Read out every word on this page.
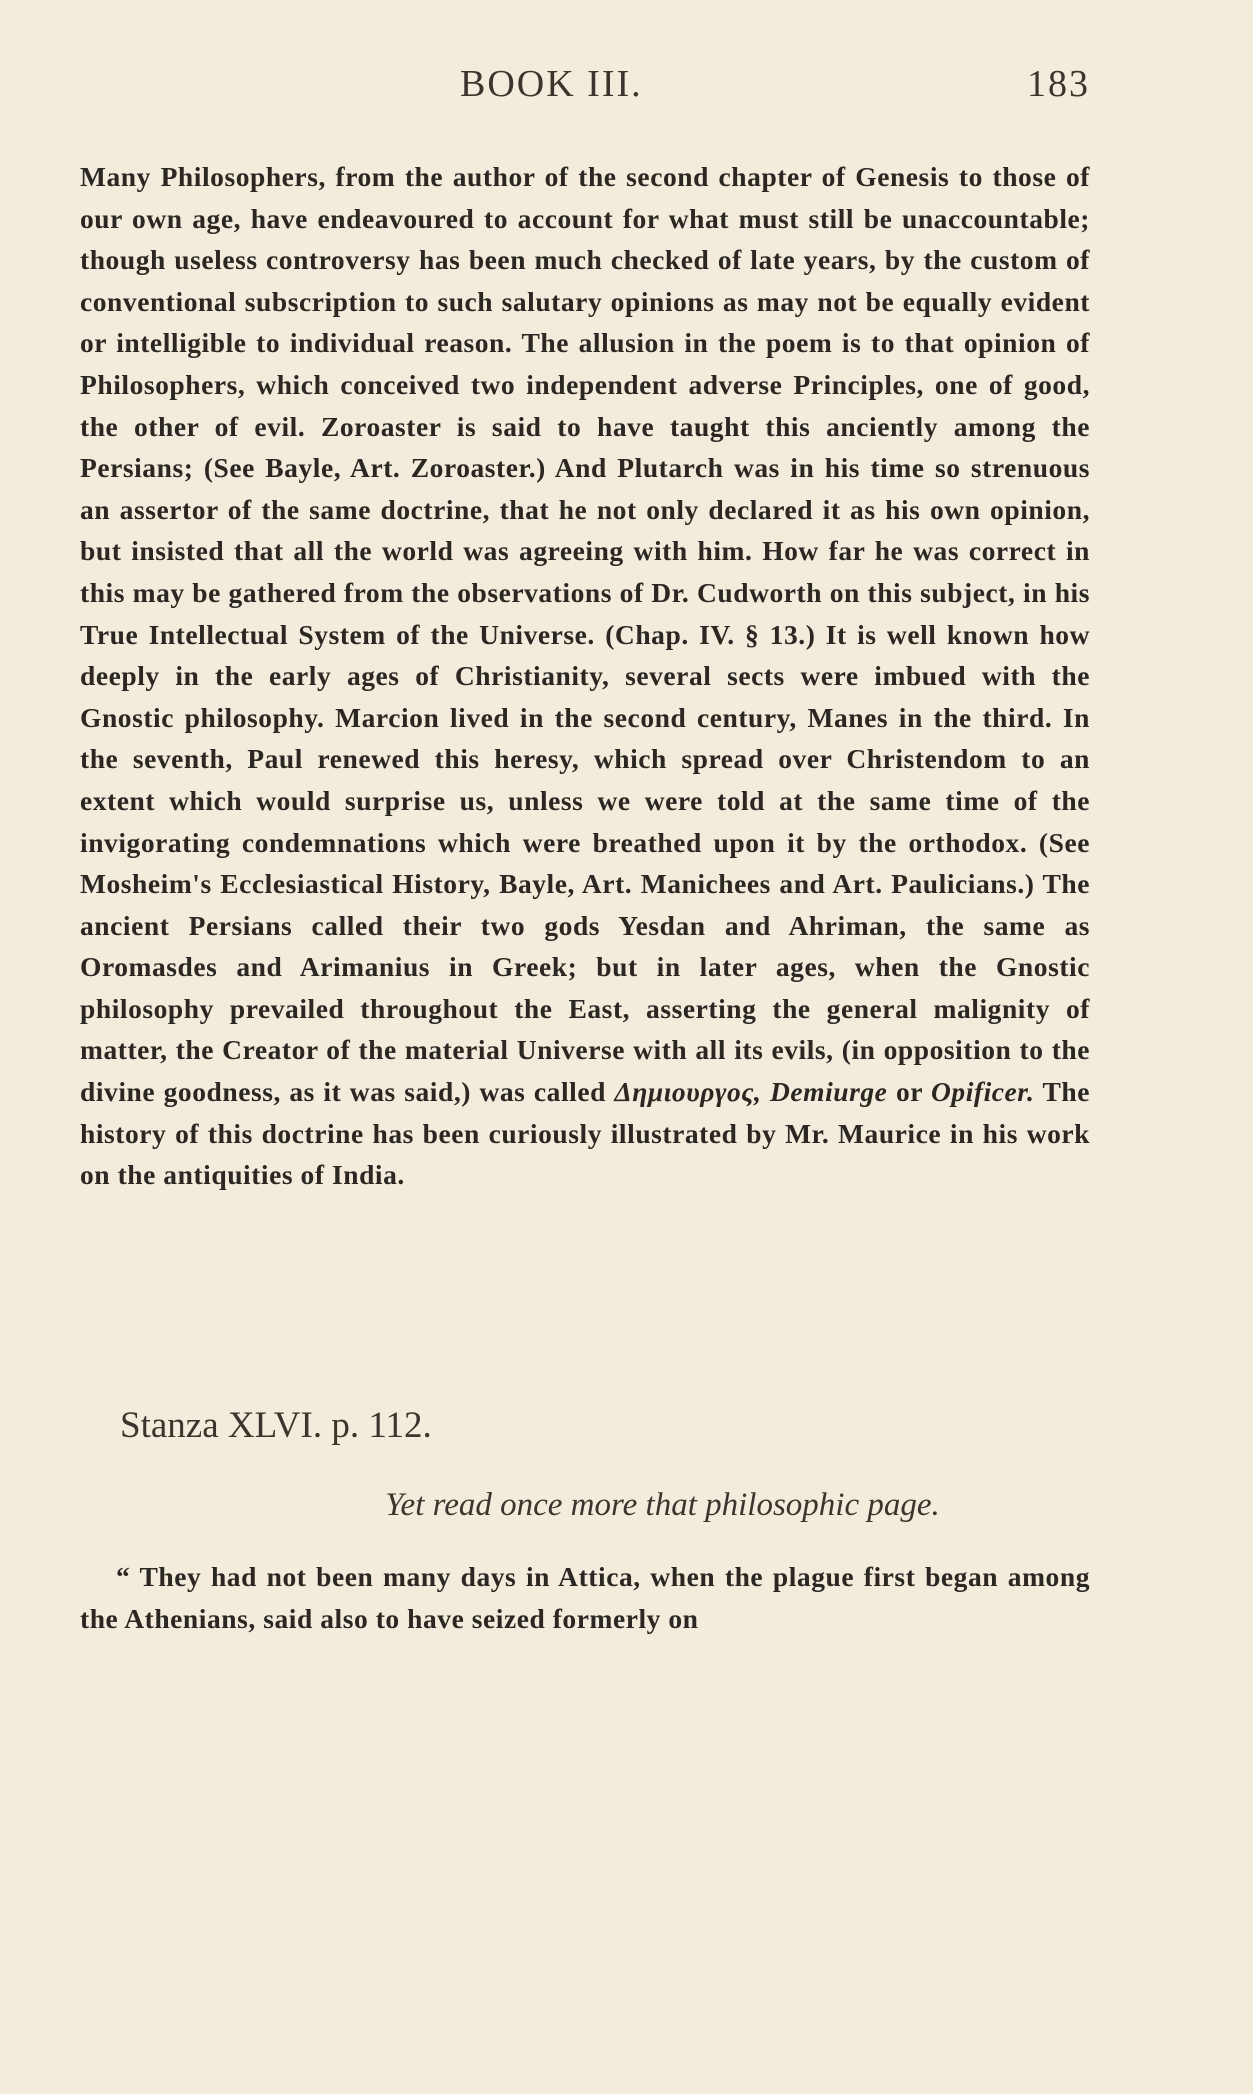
BOOK III.	183

Many Philosophers, from the author of the second chapter of Genesis to those of our own age, have endeavoured to account for what must still be unaccountable; though useless controversy has been much checked of late years, by the custom of conventional subscription to such salutary opinions as may not be equally evident or intelligible to individual reason. The allusion in the poem is to that opinion of Philosophers, which conceived two independent adverse Principles, one of good, the other of evil. Zoroaster is said to have taught this anciently among the Persians; (See Bayle, Art. Zoroaster.) And Plutarch was in his time so strenuous an assertor of the same doctrine, that he not only declared it as his own opinion, but insisted that all the world was agreeing with him. How far he was correct in this may be gathered from the observations of Dr. Cudworth on this subject, in his True Intellectual System of the Universe. (Chap. IV. § 13.) It is well known how deeply in the early ages of Christianity, several sects were imbued with the Gnostic philosophy. Marcion lived in the second century, Manes in the third. In the seventh, Paul renewed this heresy, which spread over Christendom to an extent which would surprise us, unless we were told at the same time of the invigorating condemnations which were breathed upon it by the orthodox. (See Mosheim's Ecclesiastical History, Bayle, Art. Manichees and Art. Paulicians.) The ancient Persians called their two gods Yesdan and Ahriman, the same as Oromasdes and Arimanius in Greek; but in later ages, when the Gnostic philosophy prevailed throughout the East, asserting the general malignity of matter, the Creator of the material Universe with all its evils, (in opposition to the divine goodness, as it was said,) was called Δημιουργος, Demiurge or Opificer. The history of this doctrine has been curiously illustrated by Mr. Maurice in his work on the antiquities of India.

Stanza XLVI. p. 112.
Yet read once more that philosophic page.

“ They had not been many days in Attica, when the plague first began among the Athenians, said also to have seized formerly on
